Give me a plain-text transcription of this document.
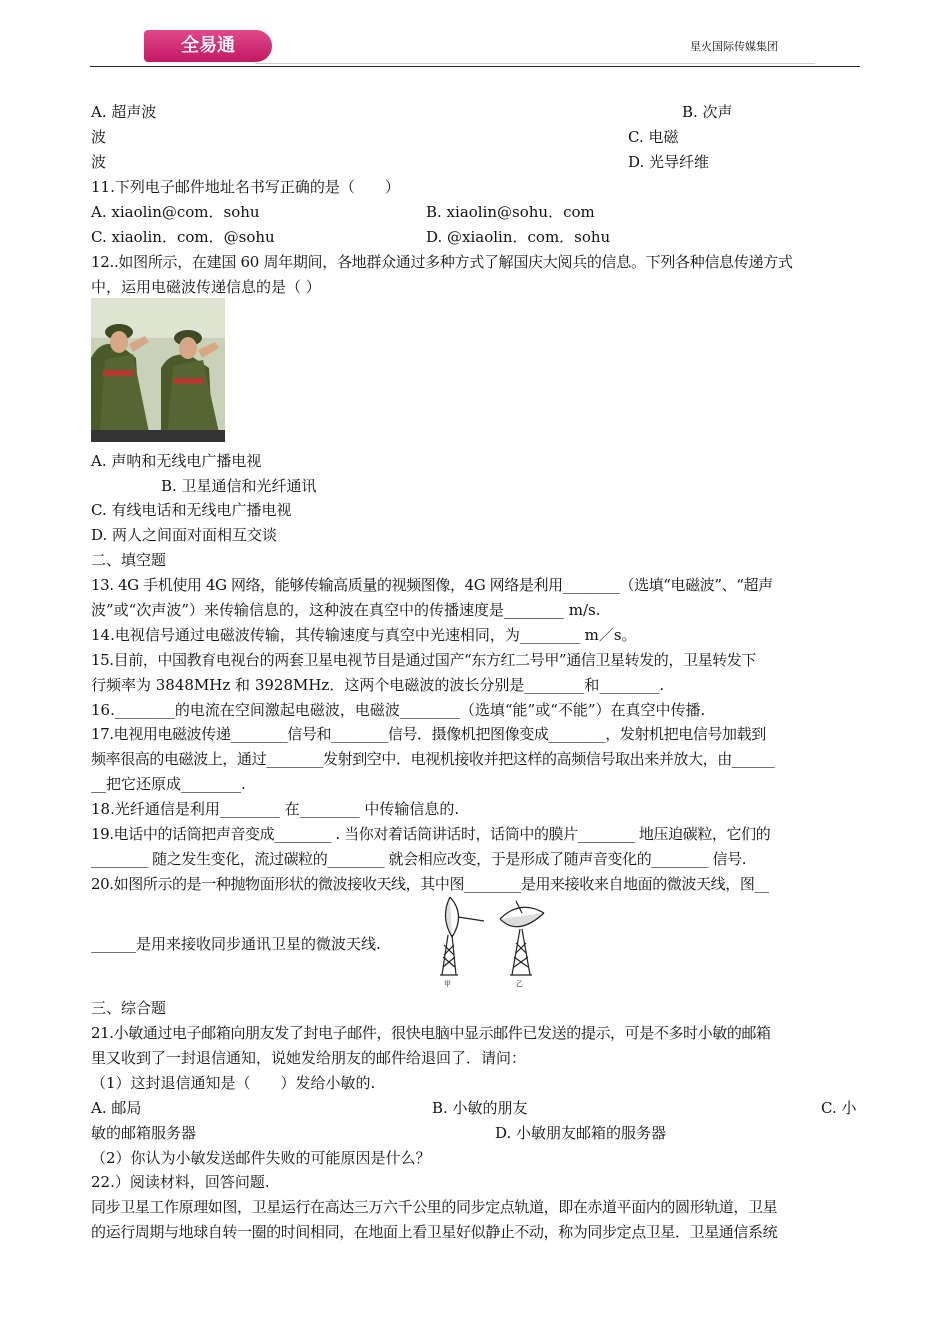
全易通	星火国际传媒集团
A. 超声波	B. 次声
波	C. 电磁
波	D. 光导纤维
11.下列电子邮件地址名书写正确的是（　　）
A. xiaolin@com．sohu	B. xiaolin@sohu．com
C. xiaolin．com．@sohu	D. @xiaolin．com．sohu
12..如图所示，在建国 60 周年期间，各地群众通过多种方式了解国庆大阅兵的信息。下列各种信息传递方式
中，运用电磁波传递信息的是（ ）
A. 声呐和无线电广播电视
B. 卫星通信和光纤通讯
C. 有线电话和无线电广播电视
D. 两人之间面对面相互交谈
二、填空题
13. 4G 手机使用 4G 网络，能够传输高质量的视频图像，4G 网络是利用________（选填“电磁波”、“超声
波”或“次声波”）来传输信息的，这种波在真空中的传播速度是________ m/s.
14.电视信号通过电磁波传输，其传输速度与真空中光速相同，为________ m／s。
15.目前，中国教育电视台的两套卫星电视节目是通过国产“东方红二号甲”通信卫星转发的，卫星转发下
行频率为 3848MHz 和 3928MHz．这两个电磁波的波长分别是________和________.
16.________的电流在空间激起电磁波，电磁波________（选填“能”或“不能”）在真空中传播.
17.电视用电磁波传递________信号和________信号．摄像机把图像变成________，发射机把电信号加载到
频率很高的电磁波上，通过________发射到空中．电视机接收并把这样的高频信号取出来并放大，由______
__把它还原成________.
18.光纤通信是利用________ 在________ 中传输信息的.
19.电话中的话筒把声音变成________ . 当你对着话筒讲话时，话筒中的膜片________ 地压迫碳粒，它们的
________ 随之发生变化，流过碳粒的________ 就会相应改变，于是形成了随声音变化的________ 信号.
20.如图所示的是一种抛物面形状的微波接收天线，其中图________是用来接收来自地面的微波天线，图__
______是用来接收同步通讯卫星的微波天线.
甲	乙
三、综合题
21.小敏通过电子邮箱向朋友发了封电子邮件，很快电脑中显示邮件已发送的提示，可是不多时小敏的邮箱
里又收到了一封退信通知，说她发给朋友的邮件给退回了．请问：
（1）这封退信通知是（　　）发给小敏的.
A. 邮局	B. 小敏的朋友	C. 小
敏的邮箱服务器	D. 小敏朋友邮箱的服务器
（2）你认为小敏发送邮件失败的可能原因是什么？
22.）阅读材料，回答问题.
同步卫星工作原理如图，卫星运行在高达三万六千公里的同步定点轨道，即在赤道平面内的圆形轨道，卫星
的运行周期与地球自转一圈的时间相同，在地面上看卫星好似静止不动，称为同步定点卫星．卫星通信系统
